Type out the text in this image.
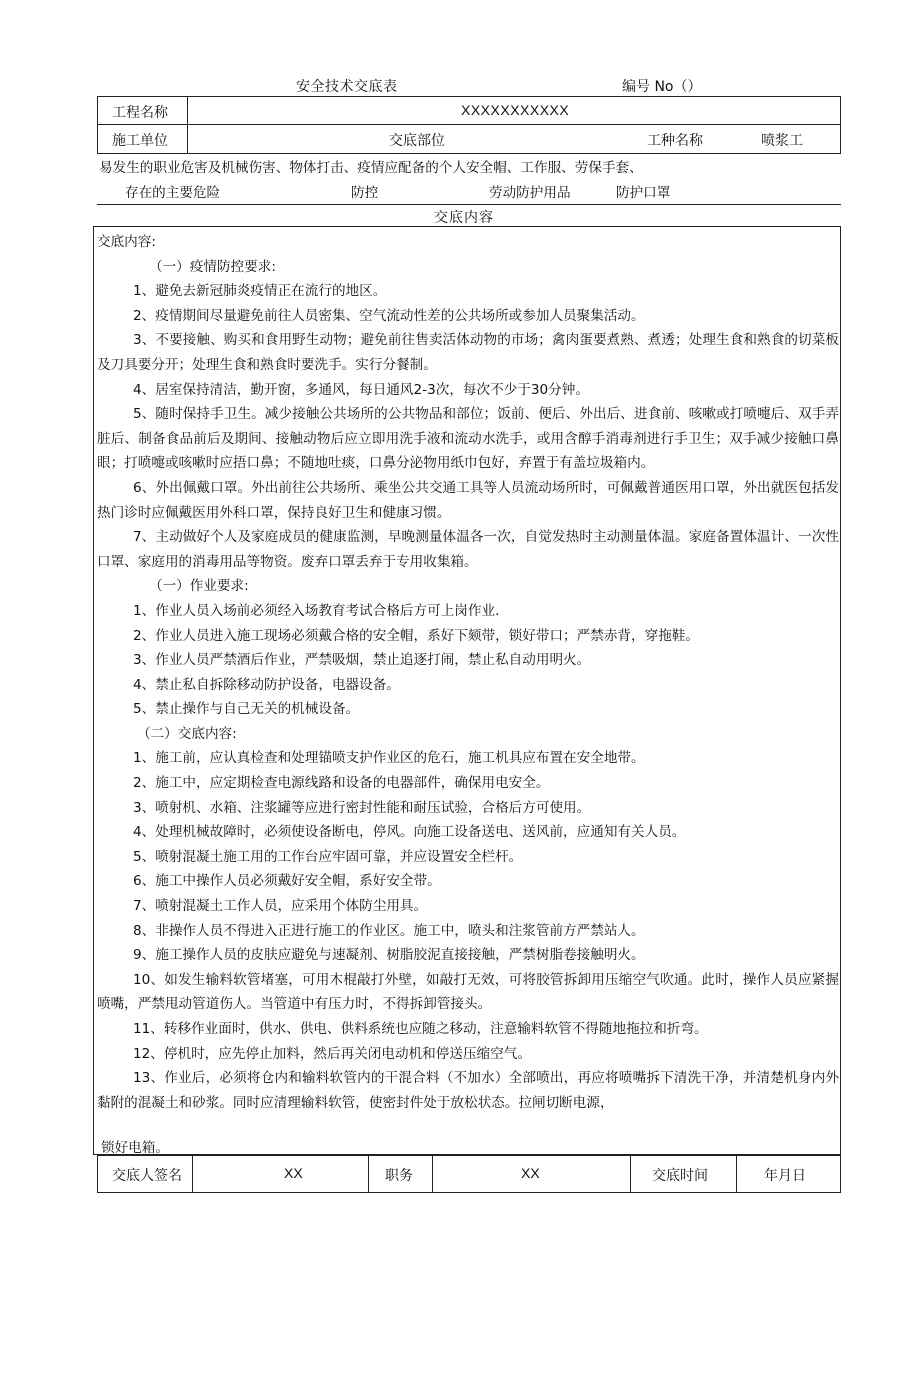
安全技术交底表	编号 No（）
工程名称	XXXXXXXXXXX
施工单位	交底部位	工种名称	喷浆工
易发生的职业危害及机械伤害、物体打击、疫情应配备的个人安全帽、工作服、劳保手套、
存在的主要危险	防控	劳动防护用品	防护口罩
交底内容
交底内容:
（一）疫情防控要求:
1、避免去新冠肺炎疫情正在流行的地区。
2、疫情期间尽量避免前往人员密集、空气流动性差的公共场所或参加人员聚集活动。
3、不要接触、购买和食用野生动物；避免前往售卖活体动物的市场；禽肉蛋要煮熟、煮透；处理生食和熟食的切菜板及刀具要分开；处理生食和熟食时要洗手。实行分餐制。
4、居室保持清洁，勤开窗，多通风，每日通风2-3次，每次不少于30分钟。
5、随时保持手卫生。减少接触公共场所的公共物品和部位；饭前、便后、外出后、进食前、咳嗽或打喷嚏后、双手弄脏后、制备食品前后及期间、接触动物后应立即用洗手液和流动水洗手，或用含醇手消毒剂进行手卫生；双手减少接触口鼻眼；打喷嚏或咳嗽时应捂口鼻；不随地吐痰，口鼻分泌物用纸巾包好，弃置于有盖垃圾箱内。
6、外出佩戴口罩。外出前往公共场所、乘坐公共交通工具等人员流动场所时，可佩戴普通医用口罩，外出就医包括发热门诊时应佩戴医用外科口罩，保持良好卫生和健康习惯。
7、主动做好个人及家庭成员的健康监测，早晚测量体温各一次，自觉发热时主动测量体温。家庭备置体温计、一次性口罩、家庭用的消毒用品等物资。废弃口罩丢弃于专用收集箱。
（一）作业要求:
1、作业人员入场前必须经入场教育考试合格后方可上岗作业.
2、作业人员进入施工现场必须戴合格的安全帽，系好下颏带，锁好带口；严禁赤背，穿拖鞋。
3、作业人员严禁酒后作业，严禁吸烟，禁止追逐打闹，禁止私自动用明火。
4、禁止私自拆除移动防护设备，电器设备。
5、禁止操作与自己无关的机械设备。
（二）交底内容:
1、施工前，应认真检查和处理锚喷支护作业区的危石，施工机具应布置在安全地带。
2、施工中，应定期检查电源线路和设备的电器部件，确保用电安全。
3、喷射机、水箱、注浆罐等应进行密封性能和耐压试验，合格后方可使用。
4、处理机械故障时，必须使设备断电，停风。向施工设备送电、送风前，应通知有关人员。
5、喷射混凝土施工用的工作台应牢固可靠，并应设置安全栏杆。
6、施工中操作人员必须戴好安全帽，系好安全带。
7、喷射混凝土工作人员，应采用个体防尘用具。
8、非操作人员不得进入正进行施工的作业区。施工中，喷头和注浆管前方严禁站人。
9、施工操作人员的皮肤应避免与速凝剂、树脂胶泥直接接触，严禁树脂卷接触明火。
10、如发生输料软管堵塞，可用木棍敲打外壁，如敲打无效，可将胶管拆卸用压缩空气吹通。此时，操作人员应紧握喷嘴，严禁甩动管道伤人。当管道中有压力时，不得拆卸管接头。
11、转移作业面时，供水、供电、供料系统也应随之移动，注意输料软管不得随地拖拉和折弯。
12、停机时，应先停止加料，然后再关闭电动机和停送压缩空气。
13、作业后，必须将仓内和输料软管内的干混合料（不加水）全部喷出，再应将喷嘴拆下清洗干净，并清楚机身内外黏附的混凝土和砂浆。同时应清理输料软管，使密封件处于放松状态。拉闸切断电源，
锁好电箱。
交底人签名	XX	职务	XX	交底时间	年月日
